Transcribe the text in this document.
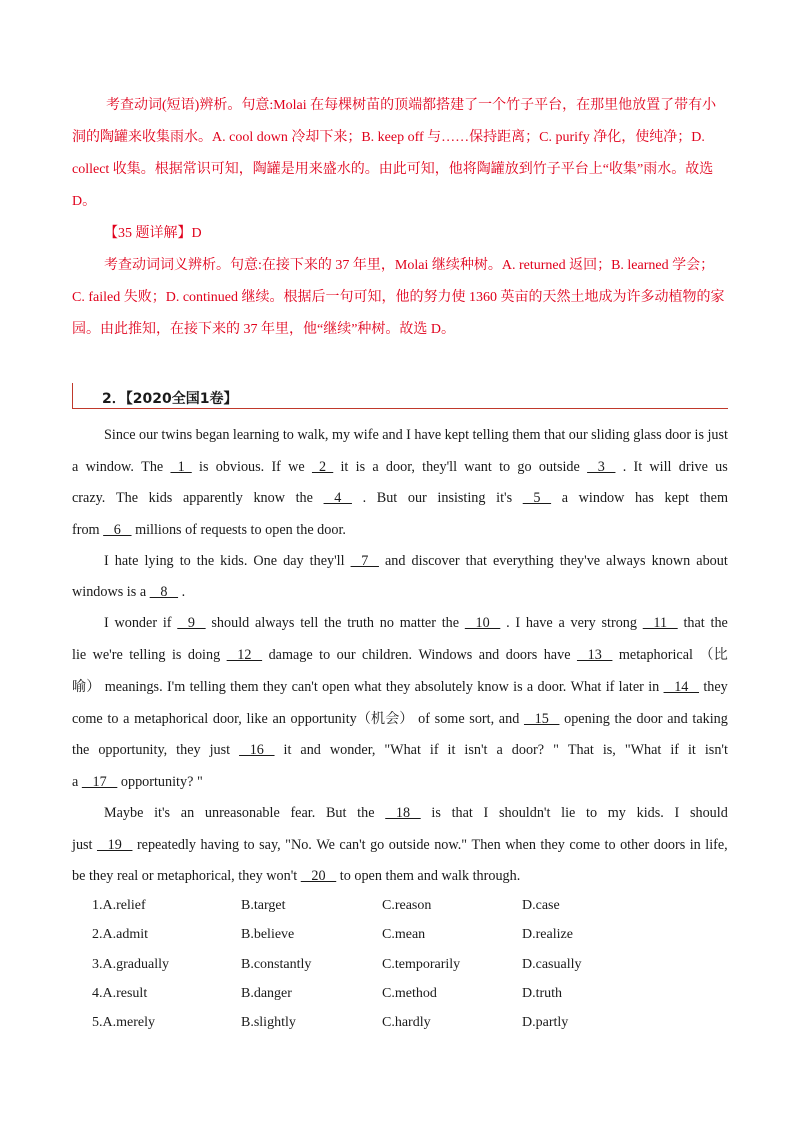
考查动词(短语)辨析。句意:Molai 在每棵树苗的顶端都搭建了一个竹子平台，在那里他放置了带有小
洞的陶罐来收集雨水。A. cool down 冷却下来；B. keep off 与……保持距离；C. purify 净化，使纯净；D.
collect 收集。根据常识可知，陶罐是用来盛水的。由此可知，他将陶罐放到竹子平台上“收集”雨水。故选
D。
【35 题详解】D
考查动词词义辨析。句意:在接下来的 37 年里，Molai 继续种树。A. returned 返回；B. learned 学会；
C. failed 失败；D. continued 继续。根据后一句可知，他的努力使 1360 英亩的天然土地成为许多动植物的家
园。由此推知，在接下来的 37 年里，他“继续”种树。故选 D。
2．【2020全国1卷】
Since our twins began learning to walk, my wife and I have kept telling them that our sliding glass door is just
a window. The 1 is obvious. If we 2 it is a door, they'll want to go outside 3 . It will drive us
crazy. The kids apparently know the 4 . But our insisting it's 5 a window has kept them
from    6    millions of requests to open the door.
I hate lying to the kids. One day they'll 7 and discover that everything they've always known about
windows is a    8    .
I wonder if 9 should always tell the truth no matter the 10 . I have a very strong 11 that the
lie we're telling is doing 12 damage to our children. Windows and doors have 13 metaphorical （比
喻） meanings. I'm telling them they can't open what they absolutely know is a door. What if later in 14 they
come to a metaphorical door, like an opportunity（机会） of some sort, and 15 opening the door and taking
the opportunity, they just 16 it and wonder, "What if it isn't a door? " That is, "What if it isn't
a    17    opportunity? "
Maybe it's an unreasonable fear. But the 18 is that I shouldn't lie to my kids. I should
just 19 repeatedly having to say, "No. We can't go outside now." Then when they come to other doors in life,
be they real or metaphorical, they won't    20    to open them and walk through.
1.A.relief	B.target	C.reason	D.case
2.A.admit	B.believe	C.mean	D.realize
3.A.gradually	B.constantly	C.temporarily	D.casually
4.A.result	B.danger	C.method	D.truth
5.A.merely	B.slightly	C.hardly	D.partly
